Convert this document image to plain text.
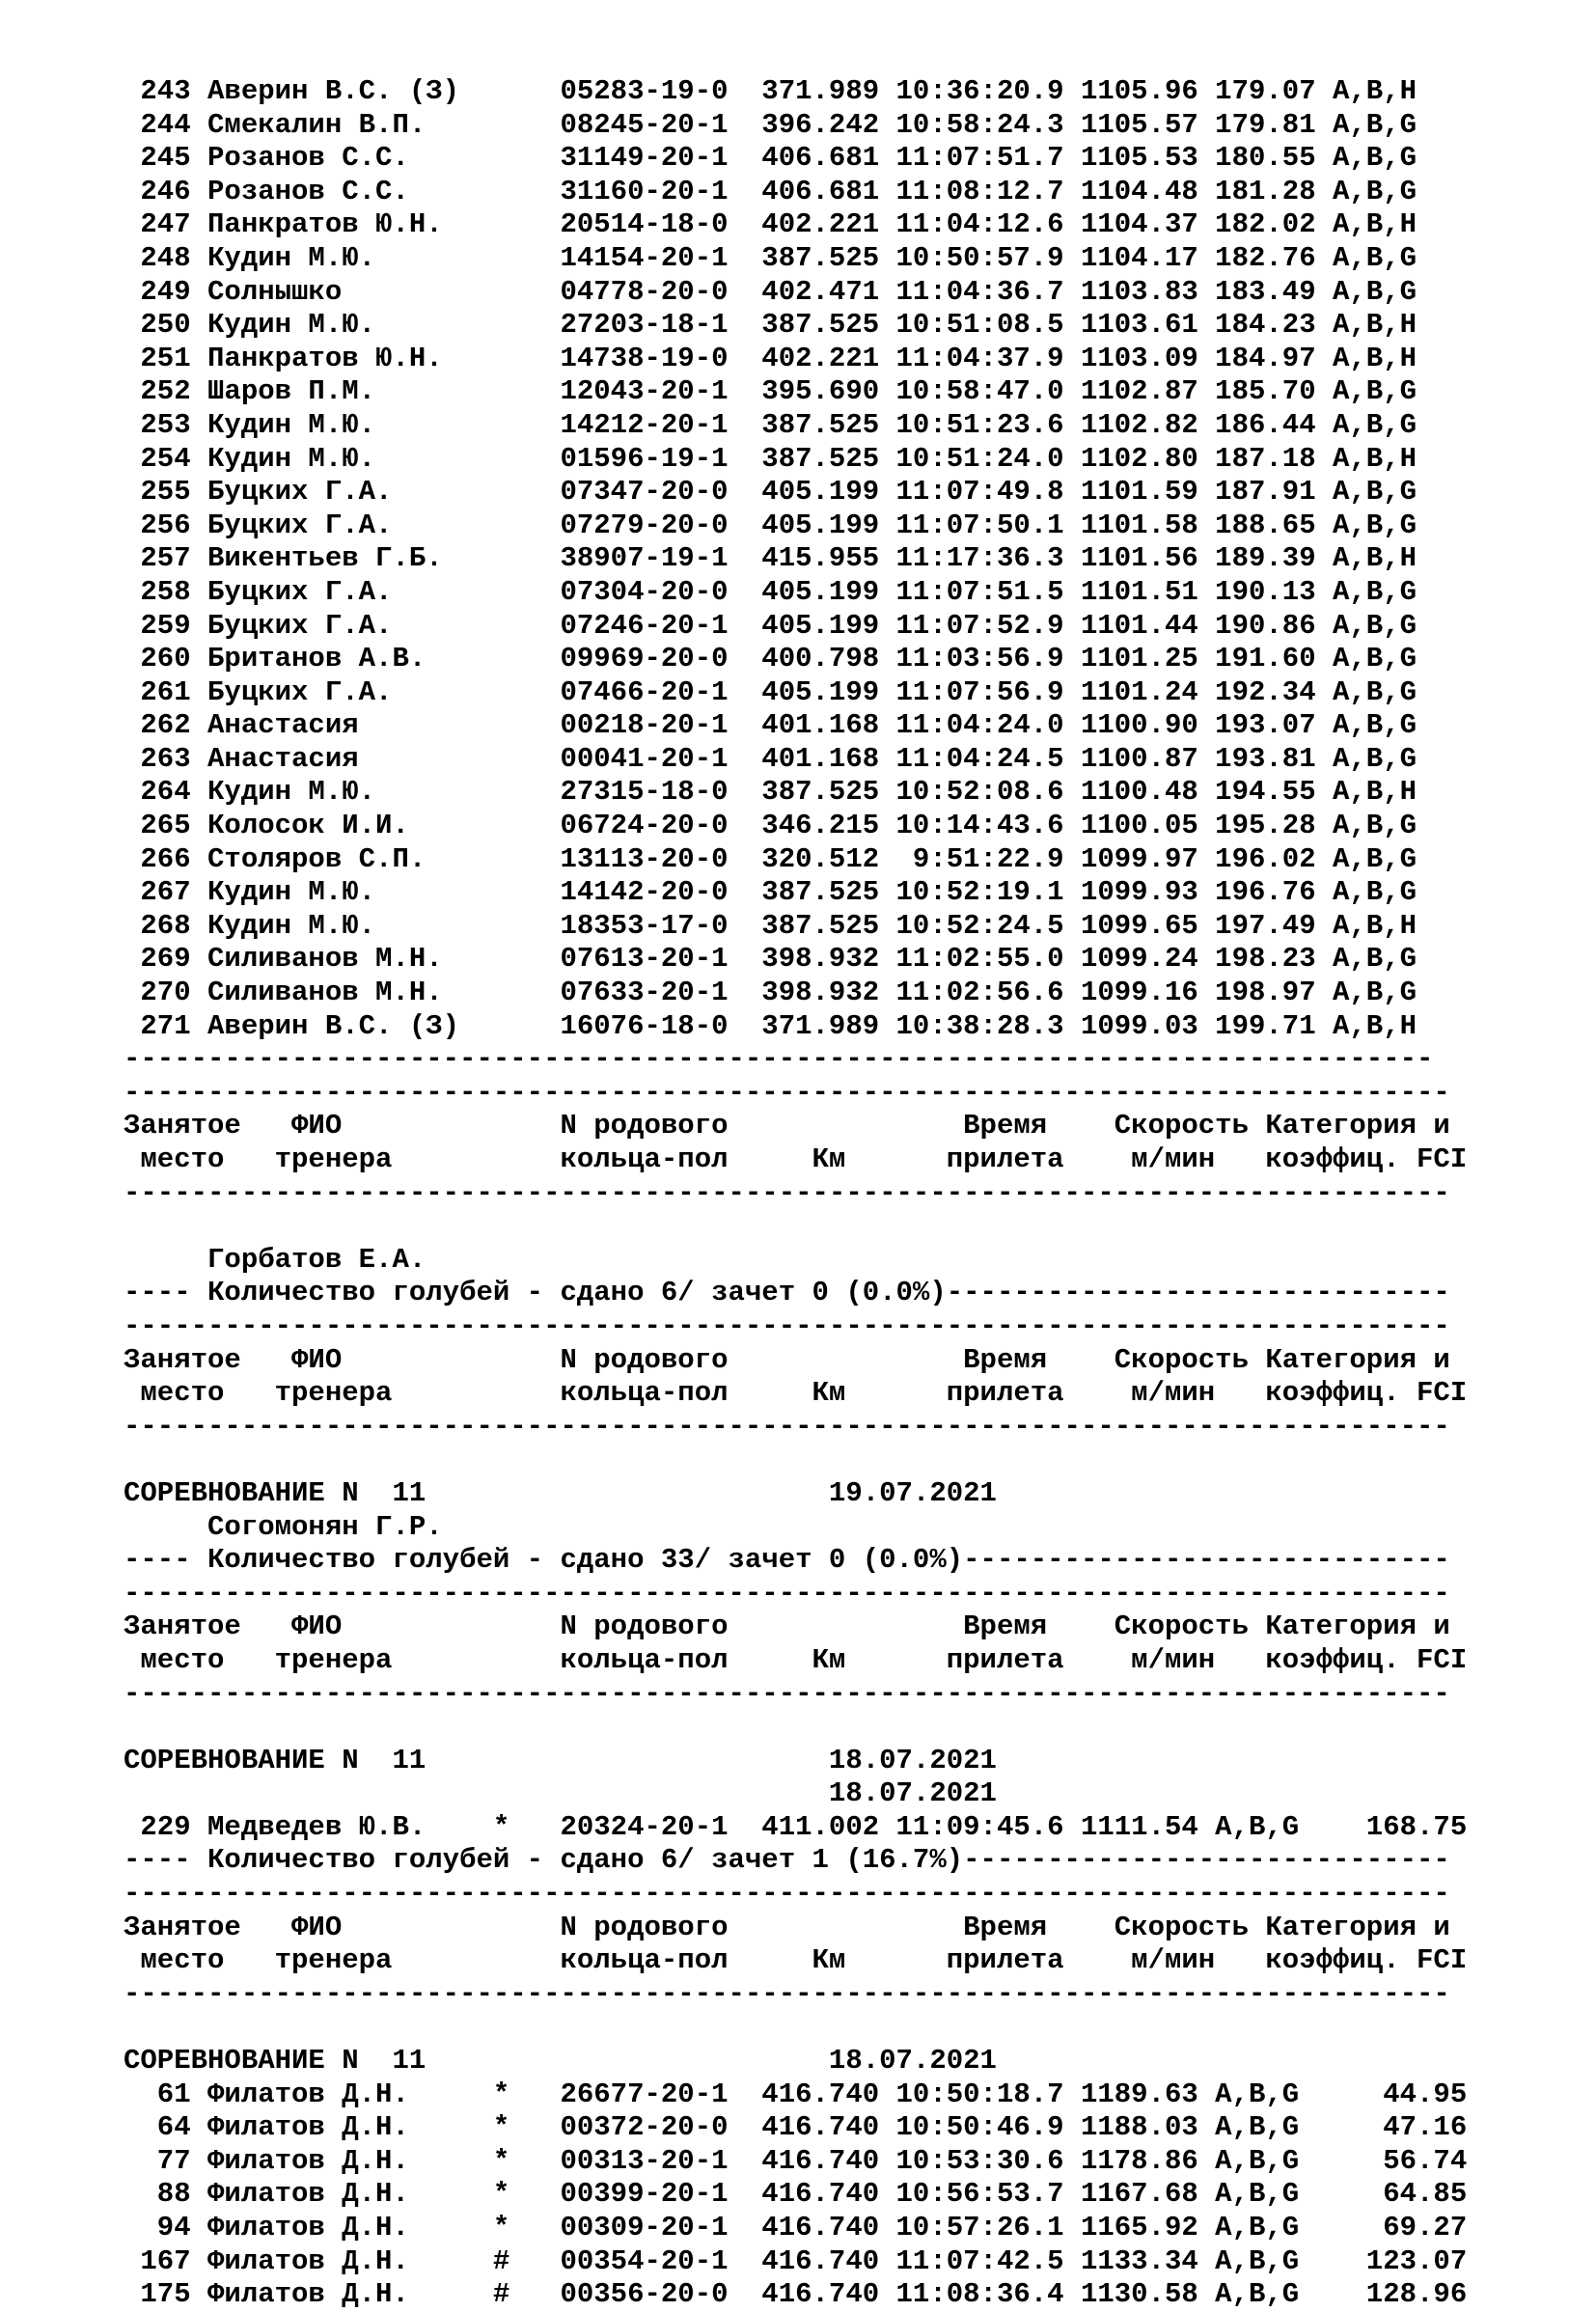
243 Аверин В.С. (З)      05283-19-0  371.989 10:36:20.9 1105.96 179.07 A,B,H
244 Смекалин В.П.        08245-20-1  396.242 10:58:24.3 1105.57 179.81 A,B,G
245 Розанов С.С.         31149-20-1  406.681 11:07:51.7 1105.53 180.55 A,B,G
246 Розанов С.С.         31160-20-1  406.681 11:08:12.7 1104.48 181.28 A,B,G
247 Панкратов Ю.Н.       20514-18-0  402.221 11:04:12.6 1104.37 182.02 A,B,H
248 Кудин М.Ю.           14154-20-1  387.525 10:50:57.9 1104.17 182.76 A,B,G
249 Солнышко             04778-20-0  402.471 11:04:36.7 1103.83 183.49 A,B,G
250 Кудин М.Ю.           27203-18-1  387.525 10:51:08.5 1103.61 184.23 A,B,H
251 Панкратов Ю.Н.       14738-19-0  402.221 11:04:37.9 1103.09 184.97 A,B,H
252 Шаров П.М.           12043-20-1  395.690 10:58:47.0 1102.87 185.70 A,B,G
253 Кудин М.Ю.           14212-20-1  387.525 10:51:23.6 1102.82 186.44 A,B,G
254 Кудин М.Ю.           01596-19-1  387.525 10:51:24.0 1102.80 187.18 A,B,H
255 Буцких Г.А.          07347-20-0  405.199 11:07:49.8 1101.59 187.91 A,B,G
256 Буцких Г.А.          07279-20-0  405.199 11:07:50.1 1101.58 188.65 A,B,G
257 Викентьев Г.Б.       38907-19-1  415.955 11:17:36.3 1101.56 189.39 A,B,H
258 Буцких Г.А.          07304-20-0  405.199 11:07:51.5 1101.51 190.13 A,B,G
259 Буцких Г.А.          07246-20-1  405.199 11:07:52.9 1101.44 190.86 A,B,G
260 Британов А.В.        09969-20-0  400.798 11:03:56.9 1101.25 191.60 A,B,G
261 Буцких Г.А.          07466-20-1  405.199 11:07:56.9 1101.24 192.34 A,B,G
262 Анастасия            00218-20-1  401.168 11:04:24.0 1100.90 193.07 A,B,G
263 Анастасия            00041-20-1  401.168 11:04:24.5 1100.87 193.81 A,B,G
264 Кудин М.Ю.           27315-18-0  387.525 10:52:08.6 1100.48 194.55 A,B,H
265 Колосок И.И.         06724-20-0  346.215 10:14:43.6 1100.05 195.28 A,B,G
266 Столяров С.П.        13113-20-0  320.512  9:51:22.9 1099.97 196.02 A,B,G
267 Кудин М.Ю.           14142-20-0  387.525 10:52:19.1 1099.93 196.76 A,B,G
268 Кудин М.Ю.           18353-17-0  387.525 10:52:24.5 1099.65 197.49 A,B,H
269 Силиванов М.Н.       07613-20-1  398.932 11:02:55.0 1099.24 198.23 A,B,G
270 Силиванов М.Н.       07633-20-1  398.932 11:02:56.6 1099.16 198.97 A,B,G
271 Аверин В.С. (З)      16076-18-0  371.989 10:38:28.3 1099.03 199.71 A,B,H
------------------------------------------------------------------------------
-------------------------------------------------------------------------------
Занятое   ФИО             N родового              Время    Скорость Категория и
место   тренера          кольца-пол     Км      прилета    м/мин   коэффиц. FCI
-------------------------------------------------------------------------------
Горбатов Е.А.
---- Количество голубей - сдано 6/ зачет 0 (0.0%)------------------------------
-------------------------------------------------------------------------------
Занятое   ФИО             N родового              Время    Скорость Категория и
место   тренера          кольца-пол     Км      прилета    м/мин   коэффиц. FCI
-------------------------------------------------------------------------------
СОРЕВНОВАНИЕ N  11                        19.07.2021
Согомонян Г.Р.
---- Количество голубей - сдано 33/ зачет 0 (0.0%)-----------------------------
-------------------------------------------------------------------------------
Занятое   ФИО             N родового              Время    Скорость Категория и
место   тренера          кольца-пол     Км      прилета    м/мин   коэффиц. FCI
-------------------------------------------------------------------------------
СОРЕВНОВАНИЕ N  11                        18.07.2021
18.07.2021
229 Медведев Ю.В.    *   20324-20-1  411.002 11:09:45.6 1111.54 A,B,G    168.75
---- Количество голубей - сдано 6/ зачет 1 (16.7%)-----------------------------
-------------------------------------------------------------------------------
Занятое   ФИО             N родового              Время    Скорость Категория и
место   тренера          кольца-пол     Км      прилета    м/мин   коэффиц. FCI
-------------------------------------------------------------------------------
СОРЕВНОВАНИЕ N  11                        18.07.2021
61 Филатов Д.Н.     *   26677-20-1  416.740 10:50:18.7 1189.63 A,B,G     44.95
64 Филатов Д.Н.     *   00372-20-0  416.740 10:50:46.9 1188.03 A,B,G     47.16
77 Филатов Д.Н.     *   00313-20-1  416.740 10:53:30.6 1178.86 A,B,G     56.74
88 Филатов Д.Н.     *   00399-20-1  416.740 10:56:53.7 1167.68 A,B,G     64.85
94 Филатов Д.Н.     *   00309-20-1  416.740 10:57:26.1 1165.92 A,B,G     69.27
167 Филатов Д.Н.     #   00354-20-1  416.740 11:07:42.5 1133.34 A,B,G    123.07
175 Филатов Д.Н.     #   00356-20-0  416.740 11:08:36.4 1130.58 A,B,G    128.96
